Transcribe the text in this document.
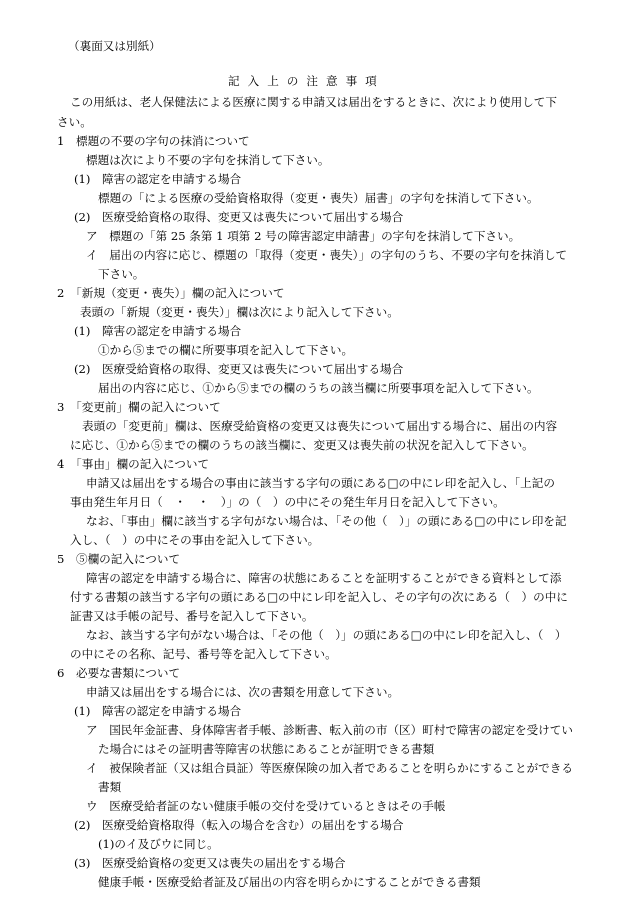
（裏面又は別紙）
記入上の注意事項
この用紙は、老人保健法による医療に関する申請又は届出をするときに、次により使用して下
さい。
1　標題の不要の字句の抹消について
標題は次により不要の字句を抹消して下さい。
(1)　障害の認定を申請する場合
標題の「による医療の受給資格取得（変更・喪失）届書」の字句を抹消して下さい。
(2)　医療受給資格の取得、変更又は喪失について届出する場合
ア　標題の「第 25 条第 1 項第 2 号の障害認定申請書」の字句を抹消して下さい。
イ　届出の内容に応じ、標題の「取得（変更・喪失）」の字句のうち、不要の字句を抹消して
下さい。
2　「新規（変更・喪失）」欄の記入について
表頭の「新規（変更・喪失）」欄は次により記入して下さい。
(1)　障害の認定を申請する場合
①から⑤までの欄に所要事項を記入して下さい。
(2)　医療受給資格の取得、変更又は喪失について届出する場合
届出の内容に応じ、①から⑤までの欄のうちの該当欄に所要事項を記入して下さい。
3　「変更前」欄の記入について
表頭の「変更前」欄は、医療受給資格の変更又は喪失について届出する場合に、届出の内容
に応じ、①から⑤までの欄のうちの該当欄に、変更又は喪失前の状況を記入して下さい。
4　「事由」欄の記入について
申請又は届出をする場合の事由に該当する字句の頭にある□の中にレ印を記入し、「上記の
事由発生年月日（　・　・　）」の（　）の中にその発生年月日を記入して下さい。
なお、「事由」欄に該当する字句がない場合は、「その他（　）」の頭にある□の中にレ印を記
入し、（　）の中にその事由を記入して下さい。
5　⑤欄の記入について
障害の認定を申請する場合に、障害の状態にあることを証明することができる資料として添
付する書類の該当する字句の頭にある□の中にレ印を記入し、その字句の次にある（　）の中に
証書又は手帳の記号、番号を記入して下さい。
なお、該当する字句がない場合は、「その他（　）」の頭にある□の中にレ印を記入し、（　）
の中にその名称、記号、番号等を記入して下さい。
6　必要な書類について
申請又は届出をする場合には、次の書類を用意して下さい。
(1)　障害の認定を申請する場合
ア　国民年金証書、身体障害者手帳、診断書、転入前の市（区）町村で障害の認定を受けてい
た場合にはその証明書等障害の状態にあることが証明できる書類
イ　被保険者証（又は組合員証）等医療保険の加入者であることを明らかにすることができる
書類
ウ　医療受給者証のない健康手帳の交付を受けているときはその手帳
(2)　医療受給資格取得（転入の場合を含む）の届出をする場合
(1)のイ及びウに同じ。
(3)　医療受給資格の変更又は喪失の届出をする場合
健康手帳・医療受給者証及び届出の内容を明らかにすることができる書類
